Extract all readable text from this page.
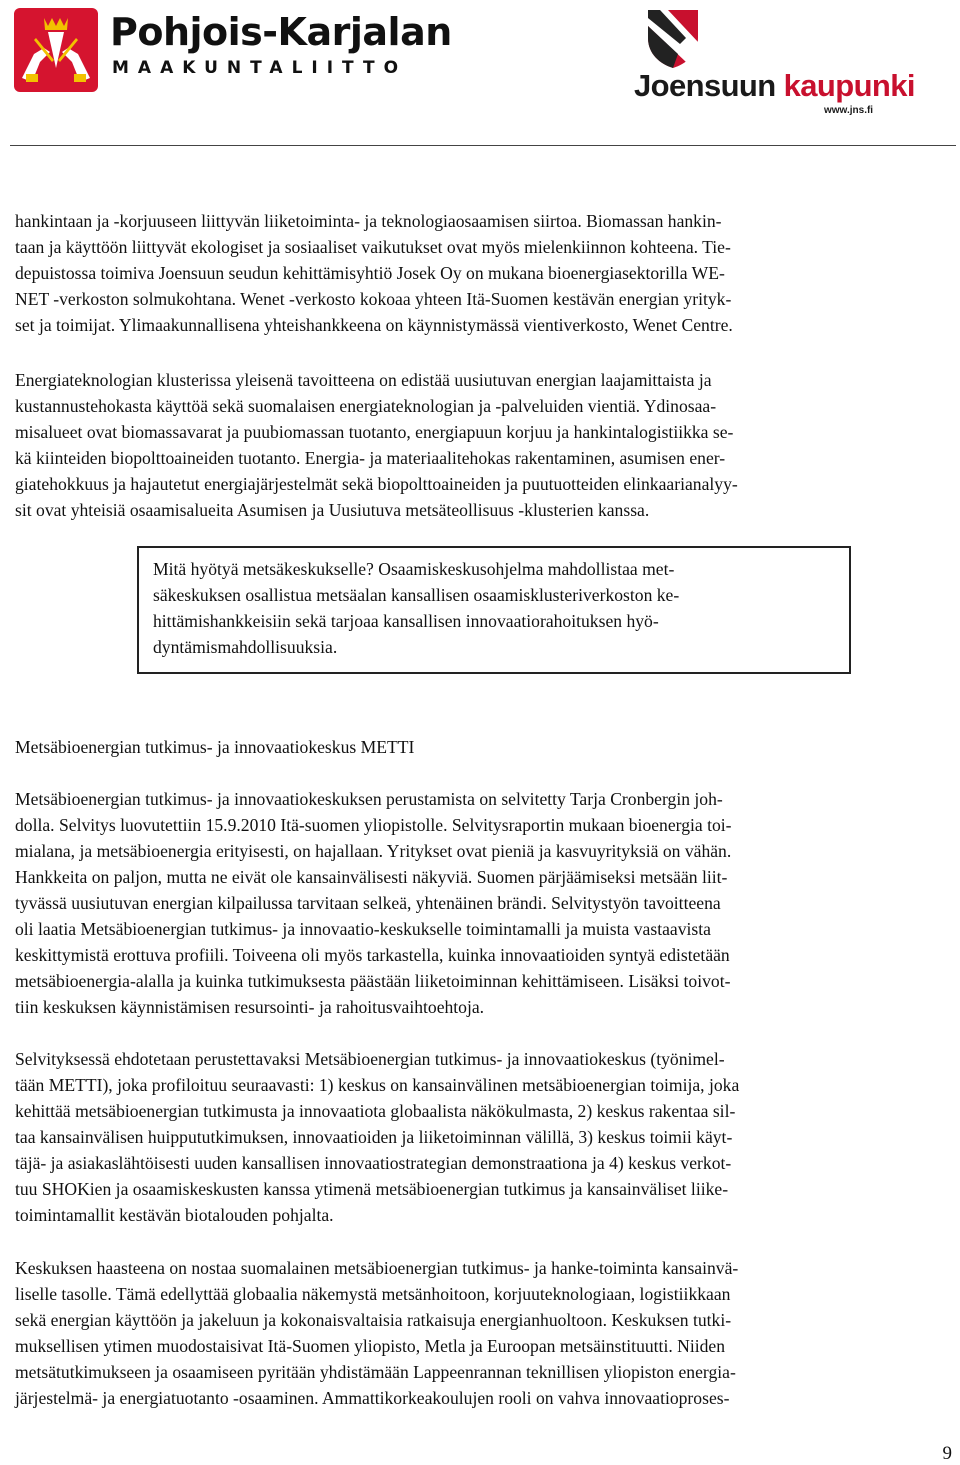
Pohjois-Karjalan
MAAKUNTALIITTO	Joensuun kaupunki
www.jns.fi
hankintaan ja -korjuuseen liittyvän liiketoiminta- ja teknologiaosaamisen siirtoa. Biomassan hankin-
taan ja käyttöön liittyvät ekologiset ja sosiaaliset vaikutukset ovat myös mielenkiinnon kohteena. Tie-
depuistossa toimiva Joensuun seudun kehittämisyhtiö Josek Oy on mukana bioenergiasektorilla WE-
NET -verkoston solmukohtana. Wenet -verkosto kokoaa yhteen Itä-Suomen kestävän energian yrityk-
set ja toimijat. Ylimaakunnallisena yhteishankkeena on käynnistymässä vientiverkosto, Wenet Centre.
Energiateknologian klusterissa yleisenä tavoitteena on edistää uusiutuvan energian laajamittaista ja
kustannustehokasta käyttöä sekä suomalaisen energiateknologian ja -palveluiden vientiä. Ydinosaa-
misalueet ovat biomassavarat ja puubiomassan tuotanto, energiapuun korjuu ja hankintalogistiikka se-
kä kiinteiden biopolttoaineiden tuotanto. Energia- ja materiaalitehokas rakentaminen, asumisen ener-
giatehokkuus ja hajautetut energiajärjestelmät sekä biopolttoaineiden ja puutuotteiden elinkaarianalyy-
sit ovat yhteisiä osaamisalueita Asumisen ja Uusiutuva metsäteollisuus -klusterien kanssa.
Mitä hyötyä metsäkeskukselle? Osaamiskeskusohjelma mahdollistaa met-
säkeskuksen osallistua metsäalan kansallisen osaamisklusteriverkoston ke-
hittämishankkeisiin sekä tarjoaa kansallisen innovaatiorahoituksen hyö-
dyntämismahdollisuuksia.
Metsäbioenergian tutkimus- ja innovaatiokeskus METTI
Metsäbioenergian tutkimus- ja innovaatiokeskuksen perustamista on selvitetty Tarja Cronbergin joh-
dolla. Selvitys luovutettiin 15.9.2010 Itä-suomen yliopistolle. Selvitysraportin mukaan bioenergia toi-
mialana, ja metsäbioenergia erityisesti, on hajallaan. Yritykset ovat pieniä ja kasvuyrityksiä on vähän.
Hankkeita on paljon, mutta ne eivät ole kansainvälisesti näkyviä. Suomen pärjäämiseksi metsään liit-
tyvässä uusiutuvan energian kilpailussa tarvitaan selkeä, yhtenäinen brändi. Selvitystyön tavoitteena
oli laatia Metsäbioenergian tutkimus- ja innovaatio-keskukselle toimintamalli ja muista vastaavista
keskittymistä erottuva profiili. Toiveena oli myös tarkastella, kuinka innovaatioiden syntyä edistetään
metsäbioenergia-alalla ja kuinka tutkimuksesta päästään liiketoiminnan kehittämiseen. Lisäksi toivot-
tiin keskuksen käynnistämisen resursointi- ja rahoitusvaihtoehtoja.
Selvityksessä ehdotetaan perustettavaksi Metsäbioenergian tutkimus- ja innovaatiokeskus (työnimel-
tään METTI), joka profiloituu seuraavasti: 1) keskus on kansainvälinen metsäbioenergian toimija, joka
kehittää metsäbioenergian tutkimusta ja innovaatiota globaalista näkökulmasta, 2) keskus rakentaa sil-
taa kansainvälisen huippututkimuksen, innovaatioiden ja liiketoiminnan välillä, 3) keskus toimii käyt-
täjä- ja asiakaslähtöisesti uuden kansallisen innovaatiostrategian demonstraationa ja 4) keskus verkot-
tuu SHOKien ja osaamiskeskusten kanssa ytimenä metsäbioenergian tutkimus ja kansainväliset liike-
toimintamallit kestävän biotalouden pohjalta.
Keskuksen haasteena on nostaa suomalainen metsäbioenergian tutkimus- ja hanke-toiminta kansainvä-
liselle tasolle. Tämä edellyttää globaalia näkemystä metsänhoitoon, korjuuteknologiaan, logistiikkaan
sekä energian käyttöön ja jakeluun ja kokonaisvaltaisia ratkaisuja energianhuoltoon. Keskuksen tutki-
muksellisen ytimen muodostaisivat Itä-Suomen yliopisto, Metla ja Euroopan metsäinstituutti. Niiden
metsätutkimukseen ja osaamiseen pyritään yhdistämään Lappeenrannan teknillisen yliopiston energia-
järjestelmä- ja energiatuotanto -osaaminen. Ammattikorkeakoulujen rooli on vahva innovaatioproses-
9
